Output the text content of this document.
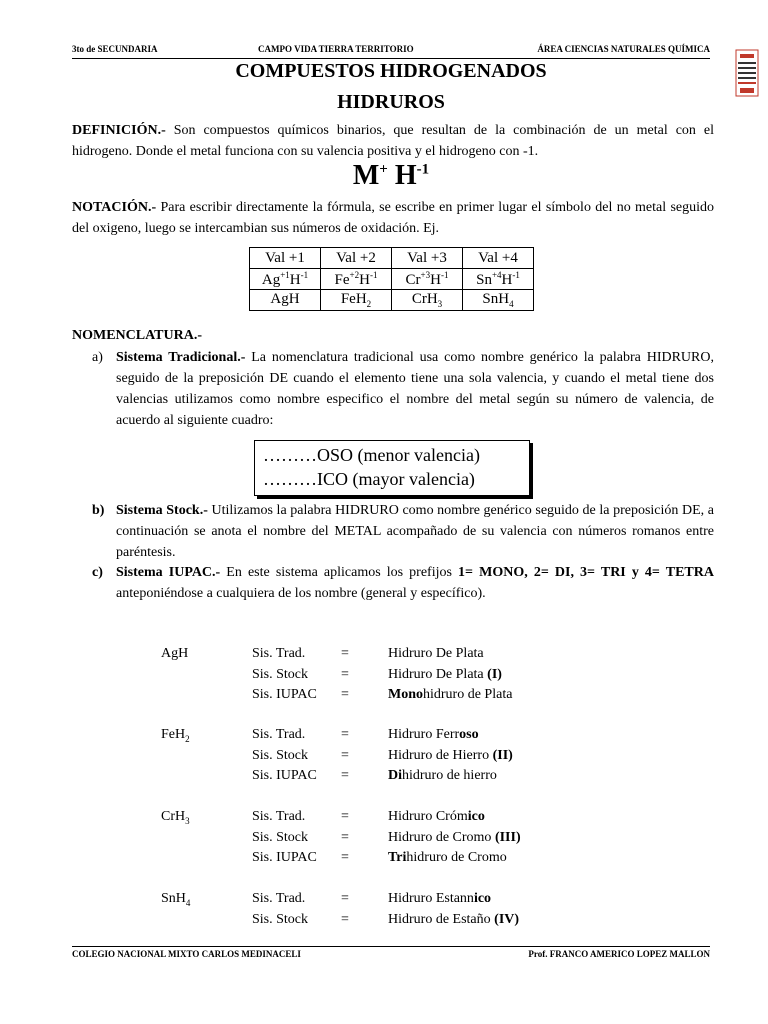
3to de SECUNDARIA	CAMPO VIDA TIERRA TERRITORIO	ÁREA CIENCIAS NATURALES QUÍMICA
COMPUESTOS HIDROGENADOS
HIDRUROS
DEFINICIÓN.- Son compuestos químicos binarios, que resultan de la combinación de un metal con el hidrogeno. Donde el metal funciona con su valencia positiva y el hidrogeno con -1.
M+ $H^{-1}$
NOTACIÓN.- Para escribir directamente la fórmula, se escribe en primer lugar el símbolo del no metal seguido del oxigeno, luego se intercambian sus números de oxidación. Ej.
Val +1	Val +2	Val +3	Val +4
$Ag^{+1}H^{-1}$	$Fe^{+2}H^{-1}$	$Cr^{+3}H^{-1}$	$Sn^{+4}H^{-1}$
AgH	FeH$_2$	CrH$_3$	SnH$_4$
NOMENCLATURA.-
a) Sistema Tradicional.- La nomenclatura tradicional usa como nombre genérico la palabra HIDRURO, seguido de la preposición DE cuando el elemento tiene una sola valencia, y cuando el metal tiene dos valencias utilizamos como nombre especifico el nombre del metal según su número de valencia, de acuerdo al siguiente cuadro:
………OSO (menor valencia)
………ICO (mayor valencia)
b) Sistema Stock.- Utilizamos la palabra HIDRURO como nombre genérico seguido de la preposición DE, a continuación se anota el nombre del METAL acompañado de su valencia con números romanos entre paréntesis.
c) Sistema IUPAC.- En este sistema aplicamos los prefijos 1= MONO, 2= DI, 3= TRI y 4= TETRA anteponiéndose a cualquiera de los nombre (general y específico).
AgH	Sis. Trad.	=	Hidruro De Plata
Sis. Stock =	Hidruro De Plata (I)
Sis. IUPAC =	Monohidruro de Plata
FeH$_2$	Sis. Trad.	=	Hidruro Ferroso
Sis. Stock =	Hidruro de Hierro (II)
Sis. IUPAC =	Dihidruro de hierro
CrH$_3$	Sis. Trad.	=	Hidruro Crómico
Sis. Stock =	Hidruro de Cromo (III)
Sis. IUPAC =	Trihidruro de Cromo
SnH$_4$	Sis. Trad.	=	Hidruro Estannico
Sis. Stock =	Hidruro de Estaño (IV)
COLEGIO NACIONAL MIXTO CARLOS MEDINACELI	Prof. FRANCO AMERICO LOPEZ MALLON
